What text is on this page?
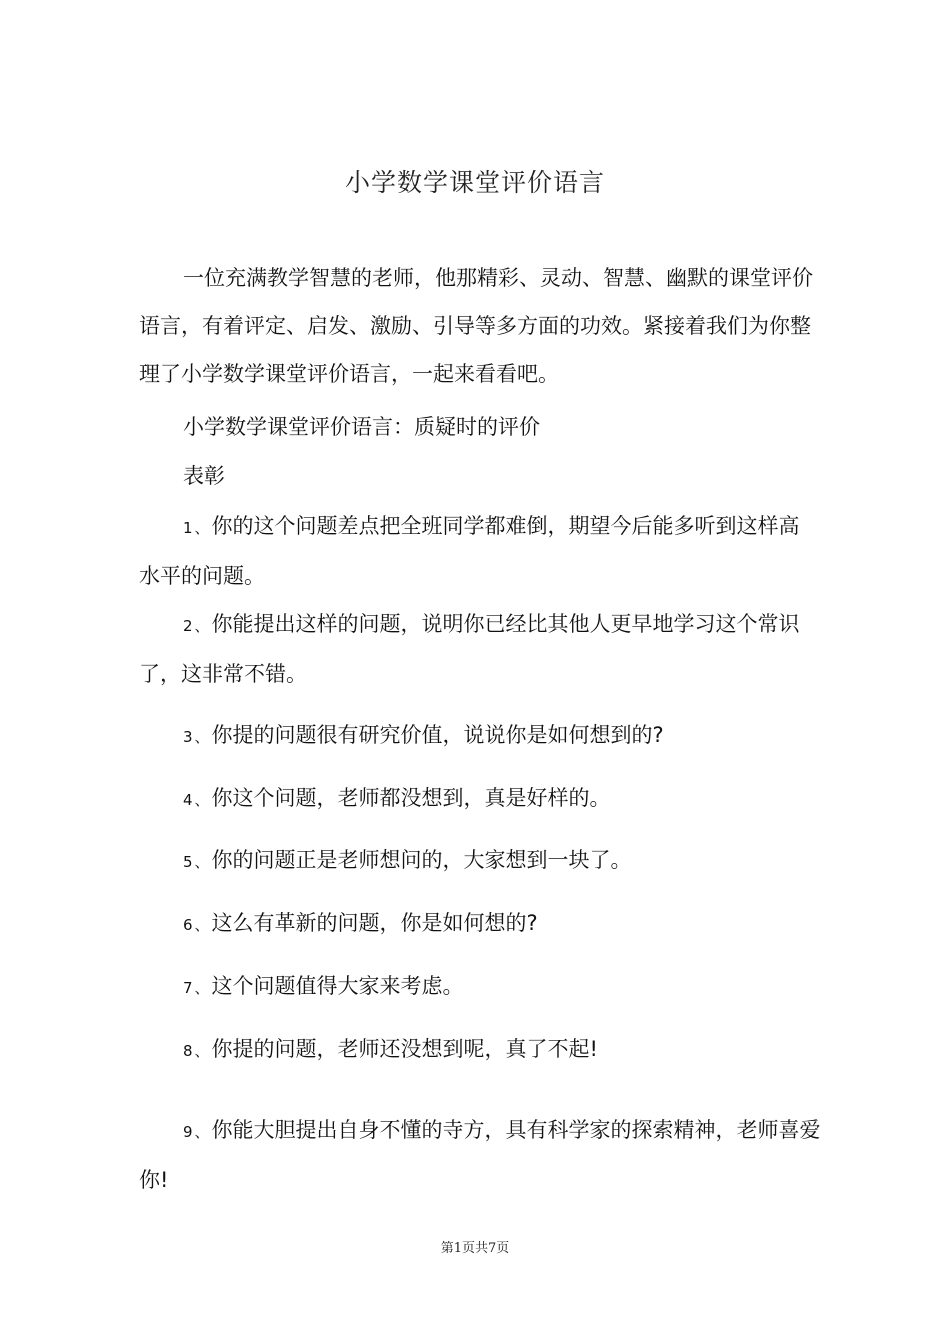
小学数学课堂评价语言

一位充满教学智慧的老师，他那精彩、灵动、智慧、幽默的课堂评价语言，有着评定、启发、激励、引导等多方面的功效。紧接着我们为你整理了小学数学课堂评价语言，一起来看看吧。

小学数学课堂评价语言：质疑时的评价

表彰

1、你的这个问题差点把全班同学都难倒，期望今后能多听到这样高水平的问题。

2、你能提出这样的问题，说明你已经比其他人更早地学习这个常识了，这非常不错。

3、你提的问题很有研究价值，说说你是如何想到的?

4、你这个问题，老师都没想到，真是好样的。

5、你的问题正是老师想问的，大家想到一块了。

6、这么有革新的问题，你是如何想的?

7、这个问题值得大家来考虑。

8、你提的问题，老师还没想到呢，真了不起!

9、你能大胆提出自身不懂的寺方，具有科学家的探索精神，老师喜爱你!

第1页共7页
